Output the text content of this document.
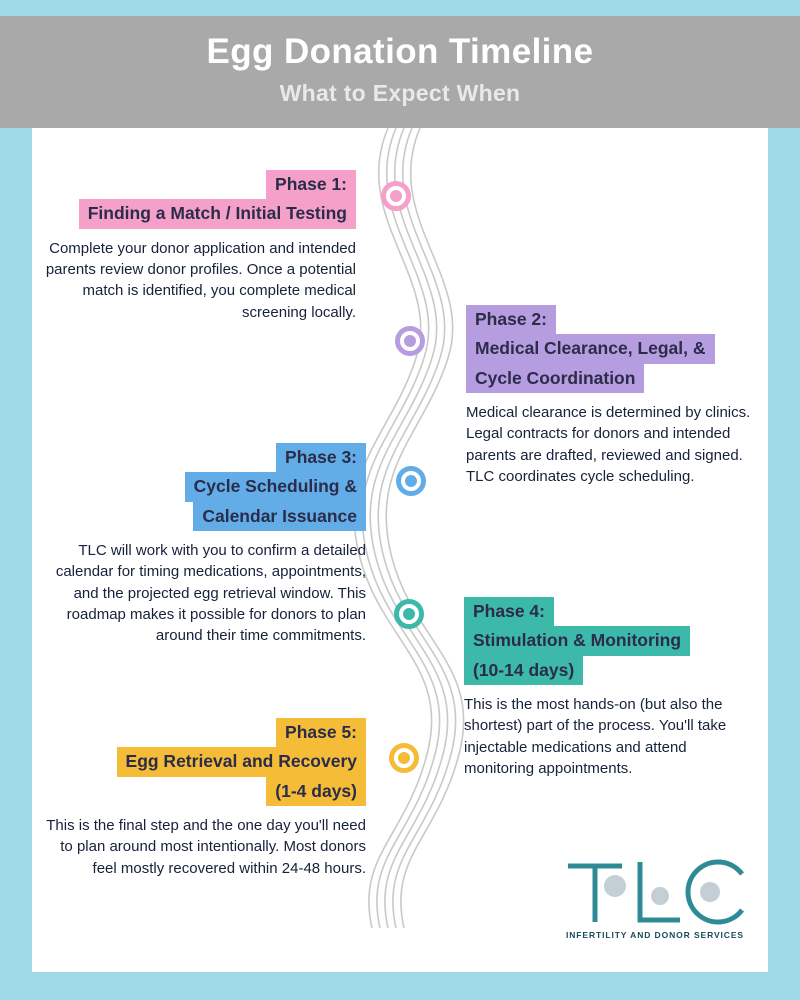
Egg Donation Timeline
What to Expect When
Phase 1:
Finding a Match / Initial Testing
Complete your donor application and intended parents review donor profiles. Once a potential match is identified, you complete medical screening locally.	Phase 2:
Medical Clearance, Legal, &
Cycle Coordination
Medical clearance is determined by clinics. Legal contracts for donors and intended parents are drafted, reviewed and signed. TLC coordinates cycle scheduling.
Phase 3:
Cycle Scheduling &
Calendar Issuance
TLC will work with you to confirm a detailed calendar for timing medications, appointments, and the projected egg retrieval window. This roadmap makes it possible for donors to plan around their time commitments.
Phase 4:
Stimulation & Monitoring
(10-14 days)
This is the most hands-on (but also the shortest) part of the process. You'll take injectable medications and attend monitoring appointments.
Phase 5:
Egg Retrieval and Recovery
(1-4 days)
This is the final step and the one day you'll need to plan around most intentionally. Most donors feel mostly recovered within 24-48 hours.
INFERTILITY AND DONOR SERVICES
